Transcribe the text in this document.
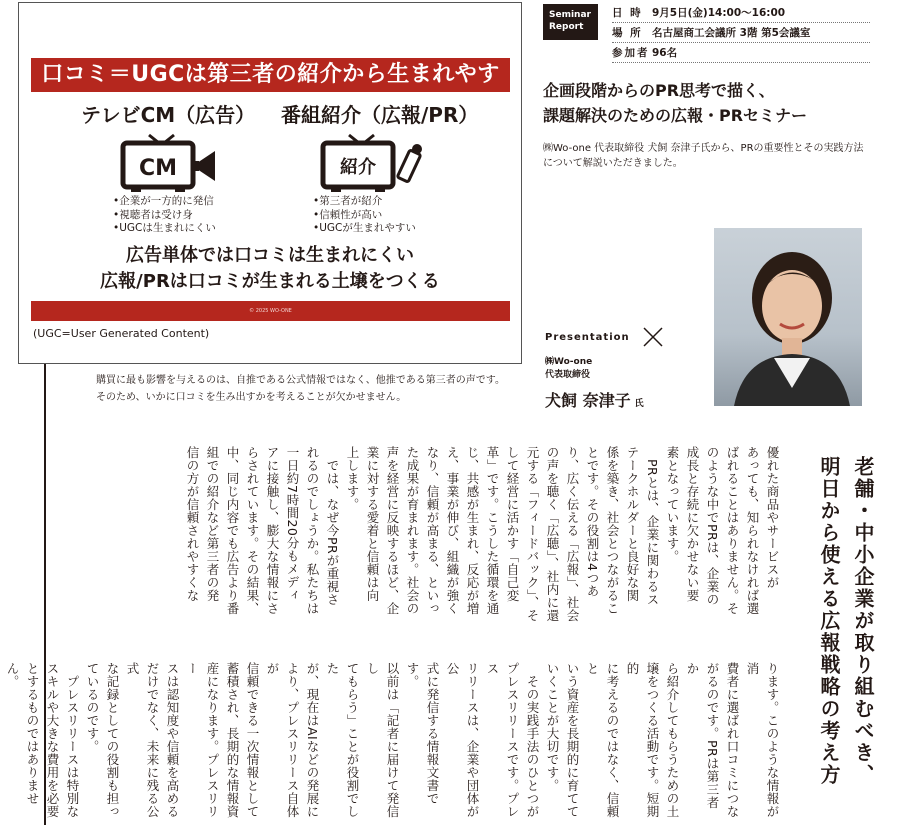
口コミ＝UGCは第三者の紹介から生まれやすい
テレビCM（広告） 番組紹介（広報/PR）
CM	紹介
• 企業が一方的に発信
• 視聴者は受け身
• UGCは生まれにくい
• 第三者が紹介
• 信頼性が高い
• UGCが生まれやすい
広告単体では口コミは生まれにくい
広報/PRは口コミが生まれる土壌をつくる
© 2025 WO-ONE
(UGC=User Generated Content)
購買に最も影響を与えるのは、自推である公式情報ではなく、他推である第三者の声です。
そのため、いかに口コミを生み出すかを考えることが欠かせません。
Seminar
Report
日 時 9月5日(金)14:00〜16:00
場 所 名古屋商工会議所 3階 第5会議室
参加者 96名
企画段階からのPR思考で描く、
課題解決のための広報・PRセミナー
㈱Wo-one 代表取締役 犬飼 奈津子氏から、PRの重要性とその実践方法について解説いただきました。
Presentation
㈱Wo-one
代表取締役
犬飼 奈津子 氏
老舗・中小企業が取り組むべき、
明日から使える広報戦略の考え方
優れた商品やサービスが
あっても、知られなければ選
ばれることはありません。そ
のような中でPRは、企業の
成長と存続に欠かせない要
素となっています。
　PRとは、企業に関わるス
テークホルダーと良好な関
係を築き、社会とつながるこ
とです。その役割は4つあ
り、広く伝える「広報」、社会
の声を聴く「広聴」、社内に還
元する「フィードバック」、そ
して経営に活かす「自己変
革」です。こうした循環を通
じ、共感が生まれ、反応が増
え、事業が伸び、組織が強く
なり、信頼が高まる、といっ
た成果が育まれます。社会の
声を経営に反映するほど、企
業に対する愛着と信頼は向
上します。
　では、なぜ今PRが重視さ
れるのでしょうか。私たちは
一日約7時間20分もメディ
アに接触し、膨大な情報にさ
らされています。その結果、
中、同じ内容でも広告より番
組での紹介など第三者の発
信の方が信頼されやすくな

ります。このような情報が消
費者に選ばれ口コミにつな
がるのです。PRは第三者か
ら紹介してもらうための土
壌をつくる活動です。短期的
に考えるのではなく、信頼と
いう資産を長期的に育てて
いくことが大切です。
　その実践手法のひとつが
プレスリリースです。プレス
リリースは、企業や団体が公
式に発信する情報文書です。
以前は「記者に届けて発信し
てもらう」ことが役割でした
が、現在はAIなどの発展に
より、プレスリリース自体が
信頼できる一次情報として
蓄積され、長期的な情報資
産になります。プレスリリー
スは認知度や信頼を高める
だけでなく、未来に残る公式
な記録としての役割も担っ
ているのです。
　プレスリリースは特別な
スキルや大きな費用を必要
とするものではありません。
